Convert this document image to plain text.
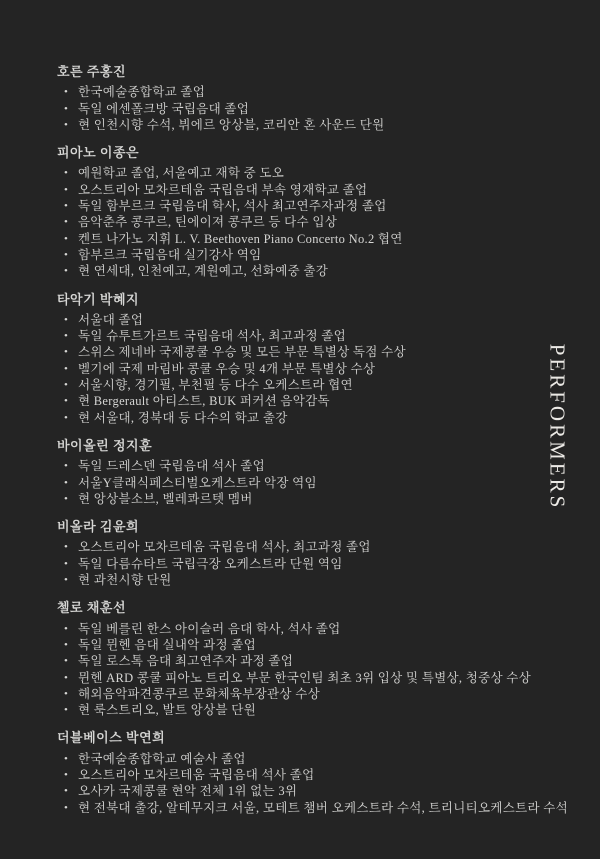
호른 주홍진
• 한국예술종합학교 졸업
• 독일 에센폴크방 국립음대 졸업
• 현 인천시향 수석, 뷔에르 앙상블, 코리안 혼 사운드 단원
피아노 이종은
• 예원학교 졸업, 서울예고 재학 중 도오
• 오스트리아 모차르테움 국립음대 부속 영재학교 졸업
• 독일 함부르크 국립음대 학사, 석사 최고연주자과정 졸업
• 음악춘추 콩쿠르, 틴에이져 콩쿠르 등 다수 입상
• 켄트 나가노 지휘 L. V. Beethoven Piano Concerto No.2 협연
• 함부르크 국립음대 실기강사 역임
• 현 연세대, 인천예고, 계원예고, 선화예중 출강
타악기 박혜지
• 서울대 졸업
• 독일 슈투트가르트 국립음대 석사, 최고과정 졸업
• 스위스 제네바 국제콩쿨 우승 및 모든 부문 특별상 독점 수상
• 벨기에 국제 마림바 콩쿨 우승 및 4개 부문 특별상 수상
• 서울시향, 경기필, 부천필 등 다수 오케스트라 협연
• 현 Bergerault 아티스트, BUK 퍼커션 음악감독
• 현 서울대, 경북대 등 다수의 학교 출강
바이올린 정지훈
• 독일 드레스덴 국립음대 석사 졸업
• 서울Y클래식페스티벌오케스트라 악장 역임
• 현 앙상블소브, 벨레콰르텟 멤버
비올라 김윤희
• 오스트리아 모차르테움 국립음대 석사, 최고과정 졸업
• 독일 다름슈타트 국립극장 오케스트라 단원 역임
• 현 과천시향 단원
첼로 채훈선
• 독일 베를린 한스 아이슬러 음대 학사, 석사 졸업
• 독일 뮌헨 음대 실내악 과정 졸업
• 독일 로스톡 음대 최고연주자 과정 졸업
• 뮌헨 ARD 콩쿨 피아노 트리오 부문 한국인팀 최초 3위 입상 및 특별상, 청중상 수상
• 해외음악파견콩쿠르 문화체육부장관상 수상
• 현 룩스트리오, 발트 앙상블 단원
더블베이스 박연희
• 한국예술종합학교 예술사 졸업
• 오스트리아 모차르테움 국립음대 석사 졸업
• 오사카 국제콩쿨 현악 전체 1위 없는 3위
• 현 전북대 출강, 알테무지크 서울, 모테트 챔버 오케스트라 수석, 트리니티오케스트라 수석
PERFORMERS
